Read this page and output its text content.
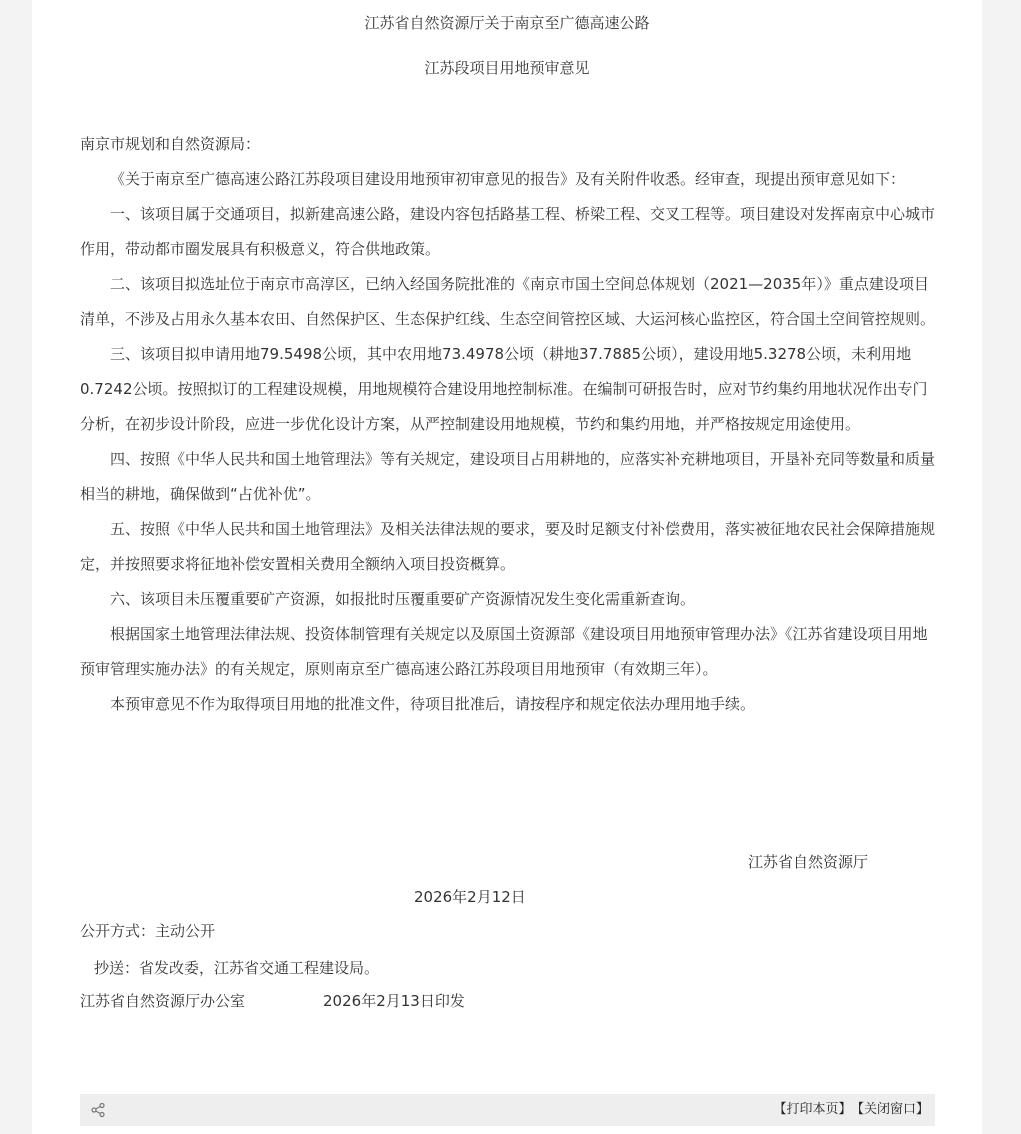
江苏省自然资源厅关于南京至广德高速公路
江苏段项目用地预审意见

南京市规划和自然资源局：

《关于南京至广德高速公路江苏段项目建设用地预审初审意见的报告》及有关附件收悉。经审查，现提出预审意见如下：

一、该项目属于交通项目，拟新建高速公路，建设内容包括路基工程、桥梁工程、交叉工程等。项目建设对发挥南京中心城市作用，带动都市圈发展具有积极意义，符合供地政策。

二、该项目拟选址位于南京市高淳区，已纳入经国务院批准的《南京市国土空间总体规划（2021—2035年）》重点建设项目清单，不涉及占用永久基本农田、自然保护区、生态保护红线、生态空间管控区域、大运河核心监控区，符合国土空间管控规则。

三、该项目拟申请用地79.5498公顷，其中农用地73.4978公顷（耕地37.7885公顷），建设用地5.3278公顷，未利用地0.7242公顷。按照拟订的工程建设规模，用地规模符合建设用地控制标准。在编制可研报告时，应对节约集约用地状况作出专门分析，在初步设计阶段，应进一步优化设计方案，从严控制建设用地规模，节约和集约用地，并严格按规定用途使用。

四、按照《中华人民共和国土地管理法》等有关规定，建设项目占用耕地的，应落实补充耕地项目，开垦补充同等数量和质量相当的耕地，确保做到“占优补优”。

五、按照《中华人民共和国土地管理法》及相关法律法规的要求，要及时足额支付补偿费用，落实被征地农民社会保障措施规定，并按照要求将征地补偿安置相关费用全额纳入项目投资概算。

六、该项目未压覆重要矿产资源，如报批时压覆重要矿产资源情况发生变化需重新查询。

根据国家土地管理法律法规、投资体制管理有关规定以及原国土资源部《建设项目用地预审管理办法》《江苏省建设项目用地预审管理实施办法》的有关规定，原则南京至广德高速公路江苏段项目用地预审（有效期三年）。

本预审意见不作为取得项目用地的批准文件，待项目批准后，请按程序和规定依法办理用地手续。

江苏省自然资源厅
2026年2月12日
公开方式：主动公开
抄送：省发改委，江苏省交通工程建设局。
江苏省自然资源厅办公室	2026年2月13日印发
【打印本页】 【关闭窗口】
